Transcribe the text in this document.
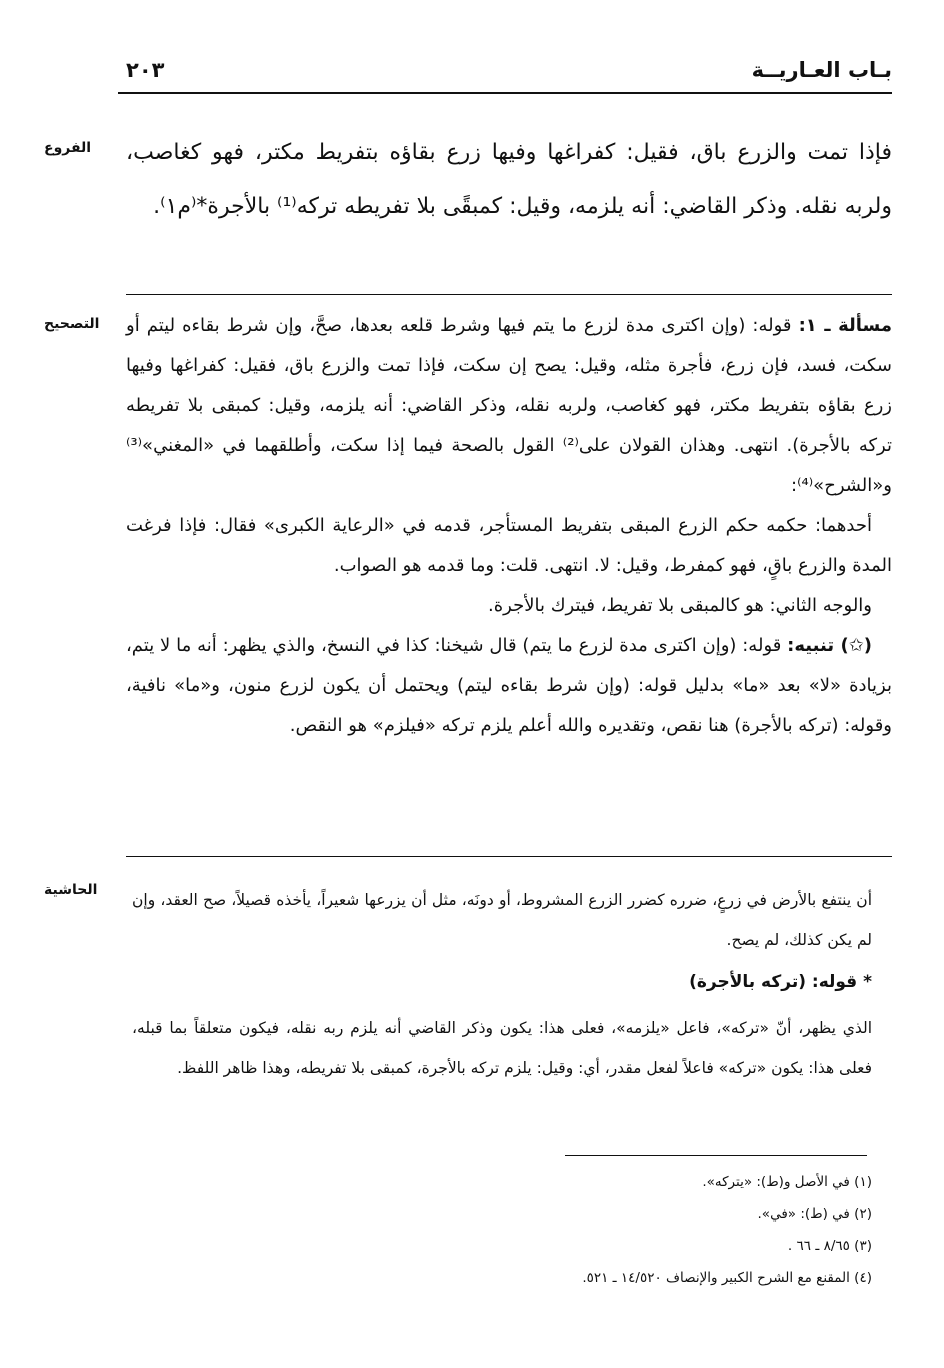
بـاب العـاريــة
٢٠٣
الفروع	فإذا تمت والزرع باق، فقيل: كفراغها وفيها زرع بقاؤه بتفريط مكتر، فهو كغاصب، ولربه نقله. وذكر القاضي: أنه يلزمه، وقيل: كمبقًى بلا تفريطه تركه⁽¹⁾ بالأجرة*⁽م١⁾.
التصحيح	مسألة ـ ١: قوله: (وإن اكترى مدة لزرع ما يتم فيها وشرط قلعه بعدها، صحَّ، وإن شرط بقاءه ليتم أو سكت، فسد، فإن زرع، فأجرة مثله، وقيل: يصح إن سكت، فإذا تمت والزرع باق، فقيل: كفراغها وفيها زرع بقاؤه بتفريط مكتر، فهو كغاصب، ولربه نقله، وذكر القاضي: أنه يلزمه، وقيل: كمبقى بلا تفريطه تركه بالأجرة). انتهى. وهذان القولان على⁽²⁾ القول بالصحة فيما إذا سكت، وأطلقهما في «المغني»⁽³⁾ و«الشرح»⁽⁴⁾:

أحدهما: حكمه حكم الزرع المبقى بتفريط المستأجر، قدمه في «الرعاية الكبرى» فقال: فإذا فرغت المدة والزرع باقٍ، فهو كمفرط، وقيل: لا. انتهى. قلت: وما قدمه هو الصواب.

والوجه الثاني: هو كالمبقى بلا تفريط، فيترك بالأجرة.

(✩) تنبيه: قوله: (وإن اكترى مدة لزرع ما يتم) قال شيخنا: كذا في النسخ، والذي يظهر: أنه ما لا يتم، بزيادة «لا» بعد «ما» بدليل قوله: (وإن شرط بقاءه ليتم) ويحتمل أن يكون لزرع منون، و«ما» نافية، وقوله: (تركه بالأجرة) هنا نقص، وتقديره والله أعلم يلزم تركه «فيلزم» هو النقص.

الحاشية

أن ينتفع بالأرض في زرعٍ، ضرره كضرر الزرع المشروط، أو دونَه، مثل أن يزرعها شعيراً، يأخذه قصيلاً، صح العقد، وإن لم يكن كذلك، لم يصح.

* قوله: (تركه بالأجرة)

الذي يظهر، أنّ «تركه»، فاعل «يلزمه»، فعلى هذا: يكون وذكر القاضي أنه يلزم ربه نقله، فيكون متعلقاً بما قبله، فعلى هذا: يكون «تركه» فاعلاً لفعل مقدر، أي: وقيل: يلزم تركه بالأجرة، كمبقى بلا تفريطه، وهذا ظاهر اللفظ.

(١) في الأصل و(ط): «يتركه».
(٢) في (ط): «في».
(٣) ٨/٦٥ ـ ٦٦ .
(٤) المقنع مع الشرح الكبير والإنصاف ١٤/٥٢٠ ـ ٥٢١.
